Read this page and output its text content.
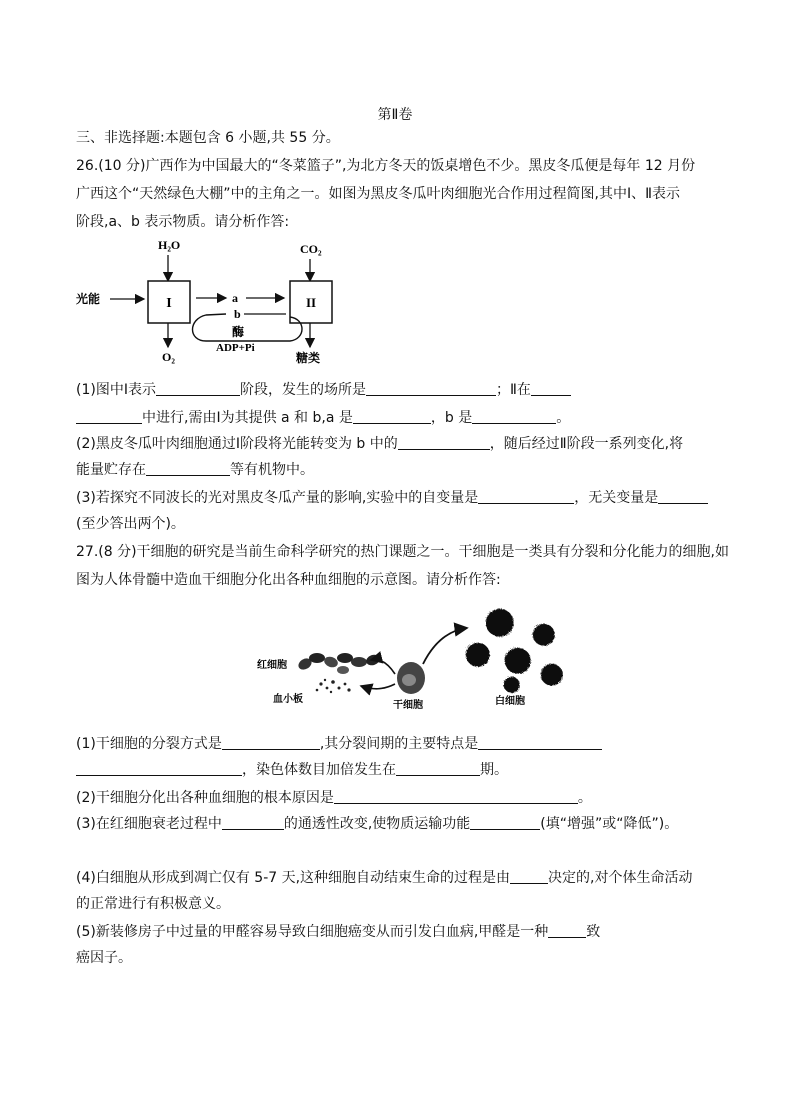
第Ⅱ卷
三、非选择题:本题包含 6 小题,共 55 分。
26.(10 分)广西作为中国最大的“冬菜篮子”,为北方冬天的饭桌增色不少。黑皮冬瓜便是每年 12 月份
广西这个“天然绿色大棚”中的主角之一。如图为黑皮冬瓜叶肉细胞光合作用过程简图,其中Ⅰ、Ⅱ表示
阶段,a、b 表示物质。请分析作答:
H₂O	CO₂
光能	I	II
a
b
酶
ADP+Pi
O₂	糖类
(1)图中Ⅰ表示	阶段，发生的场所是	；Ⅱ在
中进行,需由Ⅰ为其提供 a 和 b,a 是	，b 是	。
(2)黑皮冬瓜叶肉细胞通过Ⅰ阶段将光能转变为 b 中的	，随后经过Ⅱ阶段一系列变化,将
能量贮存在	等有机物中。
(3)若探究不同波长的光对黑皮冬瓜产量的影响,实验中的自变量是	，无关变量是
(至少答出两个)。
27.(8 分)干细胞的研究是当前生命科学研究的热门课题之一。干细胞是一类具有分裂和分化能力的细胞,如
图为人体骨髓中造血干细胞分化出各种血细胞的示意图。请分析作答:
红细胞
血小板
干细胞	白细胞
(1)干细胞的分裂方式是	,其分裂间期的主要特点是
，染色体数目加倍发生在	期。
(2)干细胞分化出各种血细胞的根本原因是	。
(3)在红细胞衰老过程中	的通透性改变,使物质运输功能	(填“增强”或“降低”)。
(4)白细胞从形成到凋亡仅有 5-7 天,这种细胞自动结束生命的过程是由	决定的,对个体生命活动
的正常进行有积极意义。
(5)新装修房子中过量的甲醛容易导致白细胞癌变从而引发白血病,甲醛是一种	致
癌因子。
